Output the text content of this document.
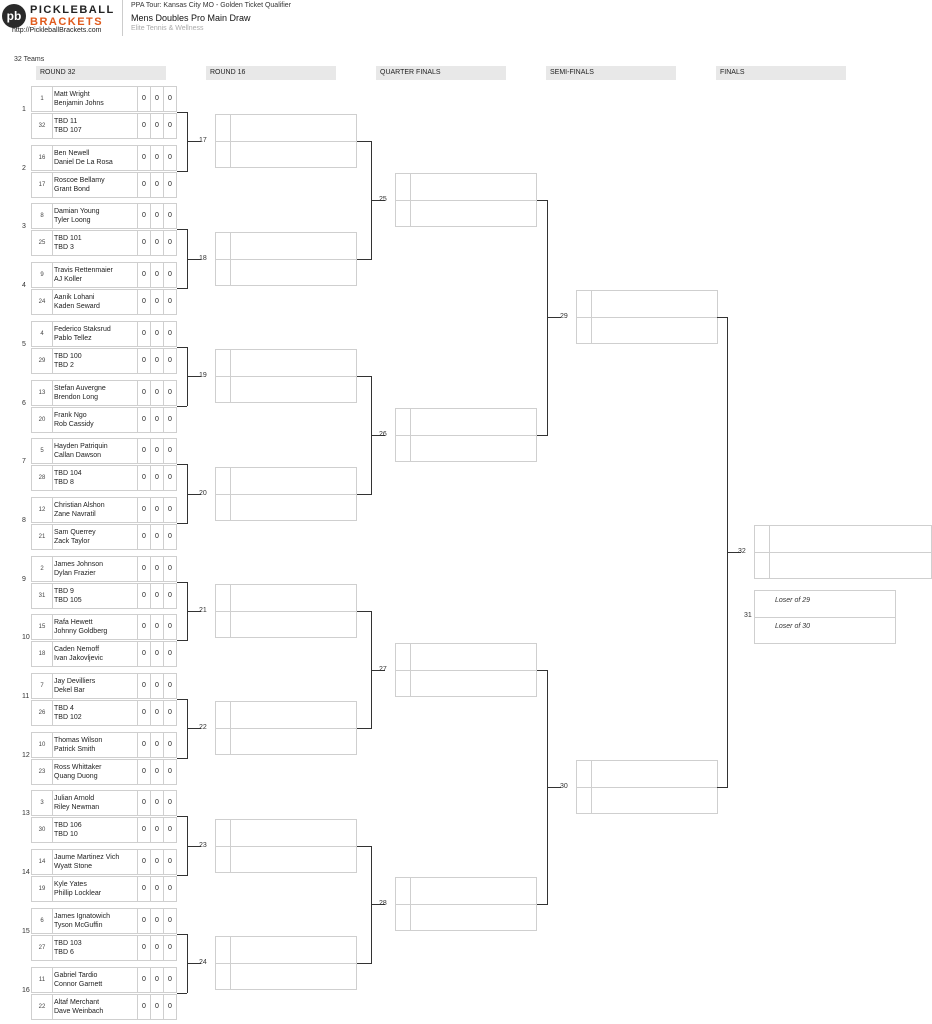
pb PICKLEBALL
BRACKETS
http://PickleballBrackets.com
PPA Tour: Kansas City MO - Golden Ticket Qualifier
Mens Doubles Pro Main Draw
Elite Tennis & Wellness
32 Teams
ROUND 32	ROUND 16	QUARTER FINALS	SEMI-FINALS	FINALS
1
1
Matt Wright
Benjamin Johns
0	0	0
32
TBD 11
TBD 107
0	0	0
2
16
Ben Newell
Daniel De La Rosa
0	0	0
17
Roscoe Bellamy
Grant Bond
0	0	0
3
8
Damian Young
Tyler Loong
0	0	0
25
TBD 101
TBD 3
0	0	0
4
9
Travis Rettenmaier
AJ Koller
0	0	0
24
Aanik Lohani
Kaden Seward
0	0	0
5
4
Federico Staksrud
Pablo Tellez
0	0	0
29
TBD 100
TBD 2
0	0	0
6
13
Stefan Auvergne
Brendon Long
0	0	0
20
Frank Ngo
Rob Cassidy
0	0	0
7
5
Hayden Patriquin
Callan Dawson
0	0	0
28
TBD 104
TBD 8
0	0	0
8
12
Christian Alshon
Zane Navratil
0	0	0
21
Sam Querrey
Zack Taylor
0	0	0
9
2
James Johnson
Dylan Frazier
0	0	0
31
TBD 9
TBD 105
0	0	0
10
15
Rafa Hewett
Johnny Goldberg
0	0	0
18
Caden Nemoff
Ivan Jakovljevic
0	0	0
11
7
Jay Devilliers
Dekel Bar
0	0	0
26
TBD 4
TBD 102
0	0	0
12
10
Thomas Wilson
Patrick Smith
0	0	0
23
Ross Whittaker
Quang Duong
0	0	0
13
3
Julian Arnold
Riley Newman
0	0	0
30
TBD 106
TBD 10
0	0	0
14
14
Jaume Martinez Vich
Wyatt Stone
0	0	0
19
Kyle Yates
Phillip Locklear
0	0	0
15
6
James Ignatowich
Tyson McGuffin
0	0	0
27
TBD 103
TBD 6
0	0	0
16
11
Gabriel Tardio
Connor Garnett
0	0	0
22
Altaf Merchant
Dave Weinbach
0	0	0
17
18
19
20
21
22
23
24
25
26
27
28
29
30
32
Loser of 29
Loser of 30
31
